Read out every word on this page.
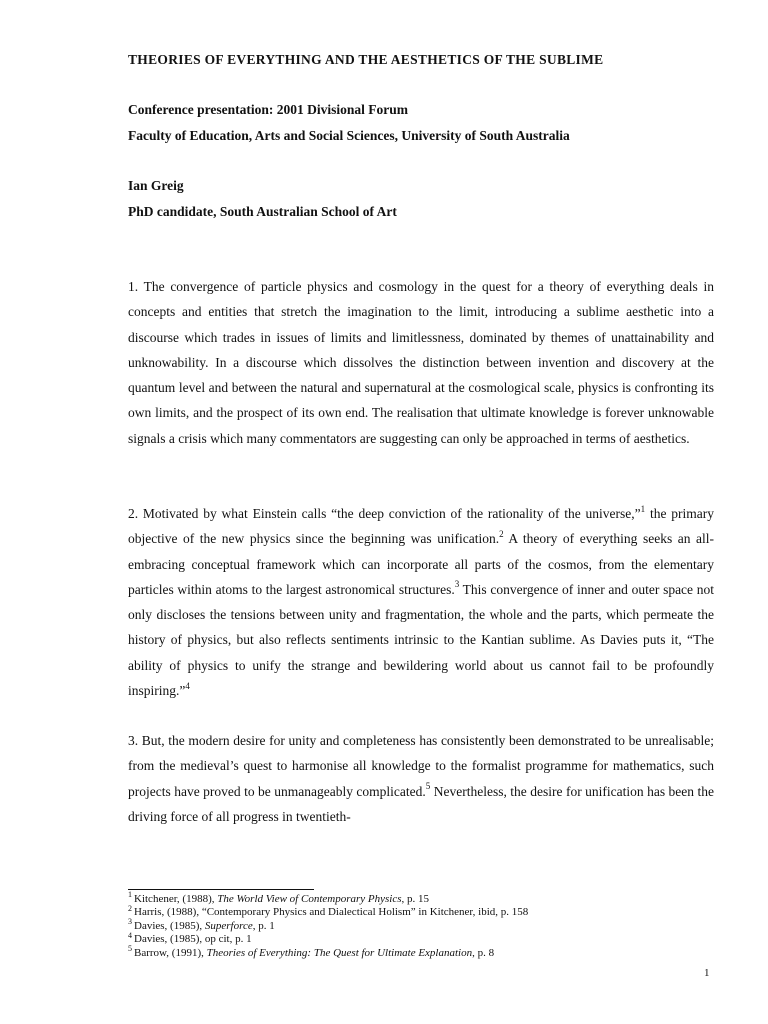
THEORIES OF EVERYTHING AND THE AESTHETICS OF THE SUBLIME
Conference presentation: 2001 Divisional Forum
Faculty of Education, Arts and Social Sciences, University of South Australia
Ian Greig
PhD candidate, South Australian School of Art
1. The convergence of particle physics and cosmology in the quest for a theory of everything deals in concepts and entities that stretch the imagination to the limit, introducing a sublime aesthetic into a discourse which trades in issues of limits and limitlessness, dominated by themes of unattainability and unknowability. In a discourse which dissolves the distinction between invention and discovery at the quantum level and between the natural and supernatural at the cosmological scale, physics is confronting its own limits, and the prospect of its own end. The realisation that ultimate knowledge is forever unknowable signals a crisis which many commentators are suggesting can only be approached in terms of aesthetics.
2. Motivated by what Einstein calls “the deep conviction of the rationality of the universe,”$^1$ the primary objective of the new physics since the beginning was unification.$^2$ A theory of everything seeks an all-embracing conceptual framework which can incorporate all parts of the cosmos, from the elementary particles within atoms to the largest astronomical structures.$^3$ This convergence of inner and outer space not only discloses the tensions between unity and fragmentation, the whole and the parts, which permeate the history of physics, but also reflects sentiments intrinsic to the Kantian sublime. As Davies puts it, “The ability of physics to unify the strange and bewildering world about us cannot fail to be profoundly inspiring.”$^4$
3. But, the modern desire for unity and completeness has consistently been demonstrated to be unrealisable; from the medieval’s quest to harmonise all knowledge to the formalist programme for mathematics, such projects have proved to be unmanageably complicated.$^5$ Nevertheless, the desire for unification has been the driving force of all progress in twentieth-
$^1$ Kitchener, (1988), The World View of Contemporary Physics, p. 15
$^2$ Harris, (1988), “Contemporary Physics and Dialectical Holism” in Kitchener, ibid, p. 158
$^3$ Davies, (1985), Superforce, p. 1
$^4$ Davies, (1985), op cit, p. 1
$^5$ Barrow, (1991), Theories of Everything: The Quest for Ultimate Explanation, p. 8
1
